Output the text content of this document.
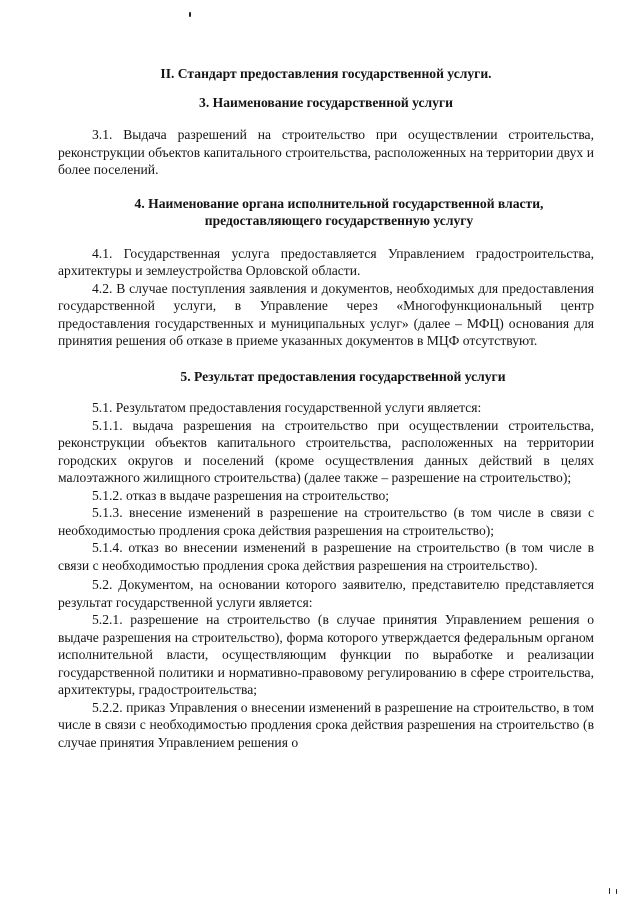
II. Стандарт предоставления государственной услуги.
3. Наименование государственной услуги

3.1. Выдача разрешений на строительство при осуществлении строительства, реконструкции объектов капитального строительства, расположенных на территории двух и более поселений.

4. Наименование органа исполнительной государственной власти,
предоставляющего государственную услугу

4.1. Государственная услуга предоставляется Управлением градостроительства, архитектуры и землеустройства Орловской области.

4.2. В случае поступления заявления и документов, необходимых для предоставления государственной услуги, в Управление через «Многофункциональный центр предоставления государственных и муниципальных услуг» (далее – МФЦ) основания для принятия решения об отказе в приеме указанных документов в МЦФ отсутствуют.

5. Результат предоставления государственной услуги

5.1. Результатом предоставления государственной услуги является:

5.1.1. выдача разрешения на строительство при осуществлении строительства, реконструкции объектов капитального строительства, расположенных на территории городских округов и поселений (кроме осуществления данных действий в целях малоэтажного жилищного строительства) (далее также – разрешение на строительство);

5.1.2. отказ в выдаче разрешения на строительство;

5.1.3. внесение изменений в разрешение на строительство (в том числе в связи с необходимостью продления срока действия разрешения на строительство);

5.1.4. отказ во внесении изменений в разрешение на строительство (в том числе в связи с необходимостью продления срока действия разрешения на строительство).

5.2. Документом, на основании которого заявителю, представителю представляется результат государственной услуги является:

5.2.1. разрешение на строительство (в случае принятия Управлением решения о выдаче разрешения на строительство), форма которого утверждается федеральным органом исполнительной власти, осуществляющим функции по выработке и реализации государственной политики и нормативно-правовому регулированию в сфере строительства, архитектуры, градостроительства;

5.2.2. приказ Управления о внесении изменений в разрешение на строительство, в том числе в связи с необходимостью продления срока действия разрешения на строительство (в случае принятия Управлением решения о
